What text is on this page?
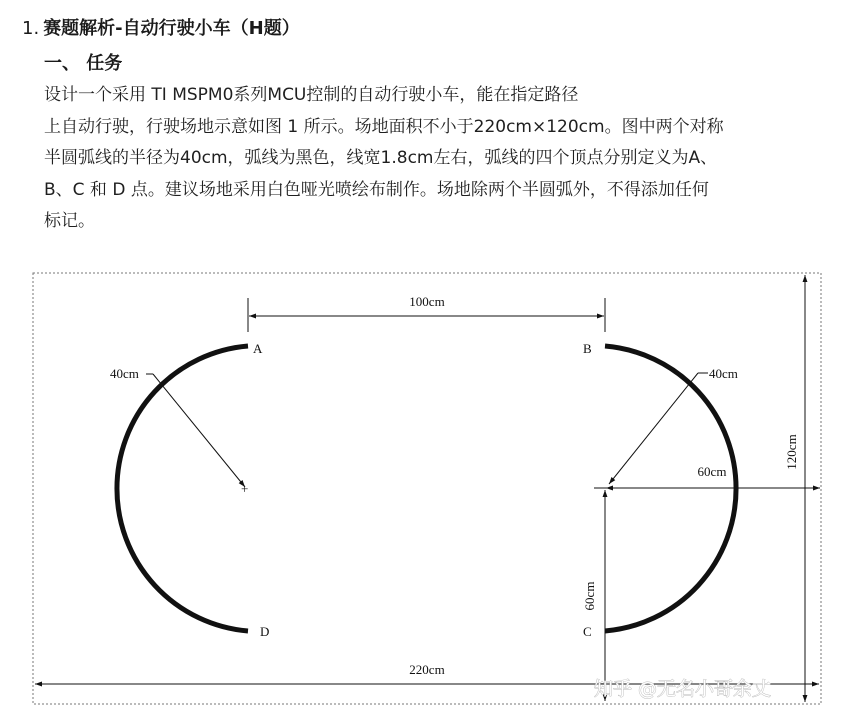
1. 赛题解析-自动行驶小车（H题）
一、 任务
设计一个采用 TI MSPM0系列MCU控制的自动行驶小车，能在指定路径
上自动行驶，行驶场地示意如图 1 所示。场地面积不小于220cm×120cm。图中两个对称
半圆弧线的半径为40cm，弧线为黑色，线宽1.8cm左右，弧线的四个顶点分别定义为A、
B、C 和 D 点。建议场地采用白色哑光喷绘布制作。场地除两个半圆弧外，不得添加任何
标记。
100cm
40cm
+
40cm
60cm
60cm
120cm
220cm
A	B
C
D
知乎 @无名小哥余丈
